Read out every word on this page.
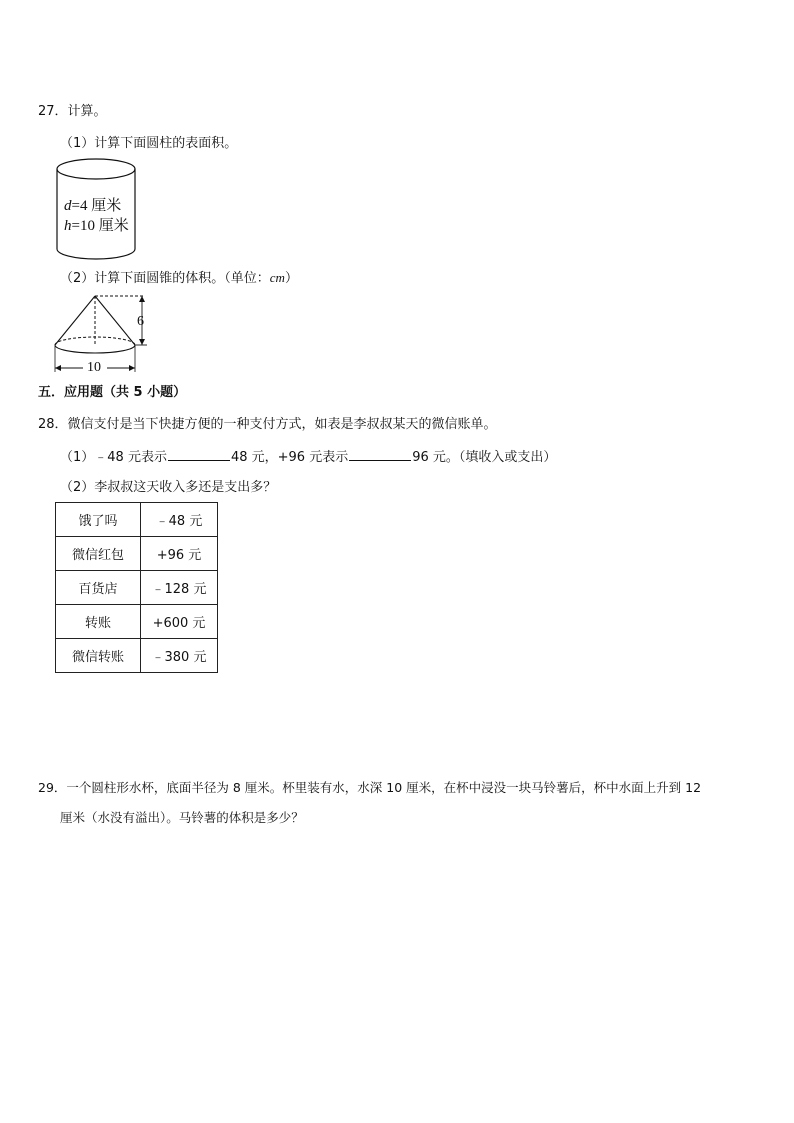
27．计算。
（1）计算下面圆柱的表面积。
d=4 厘米
h=10 厘米
（2）计算下面圆锥的体积。（单位：cm）
6
10
五．应用题（共 5 小题）
28．微信支付是当下快捷方便的一种支付方式，如表是李叔叔某天的微信账单。
（1）﹣48 元表示	48 元，+96 元表示	96 元。（填收入或支出）
（2）李叔叔这天收入多还是支出多？
饿了吗	﹣48 元
微信红包	+96 元
百货店	﹣128 元
转账	+600 元
微信转账	﹣380 元
29．一个圆柱形水杯，底面半径为 8 厘米。杯里装有水，水深 10 厘米，在杯中浸没一块马铃薯后，杯中水面上升到 12
厘米（水没有溢出）。马铃薯的体积是多少？
